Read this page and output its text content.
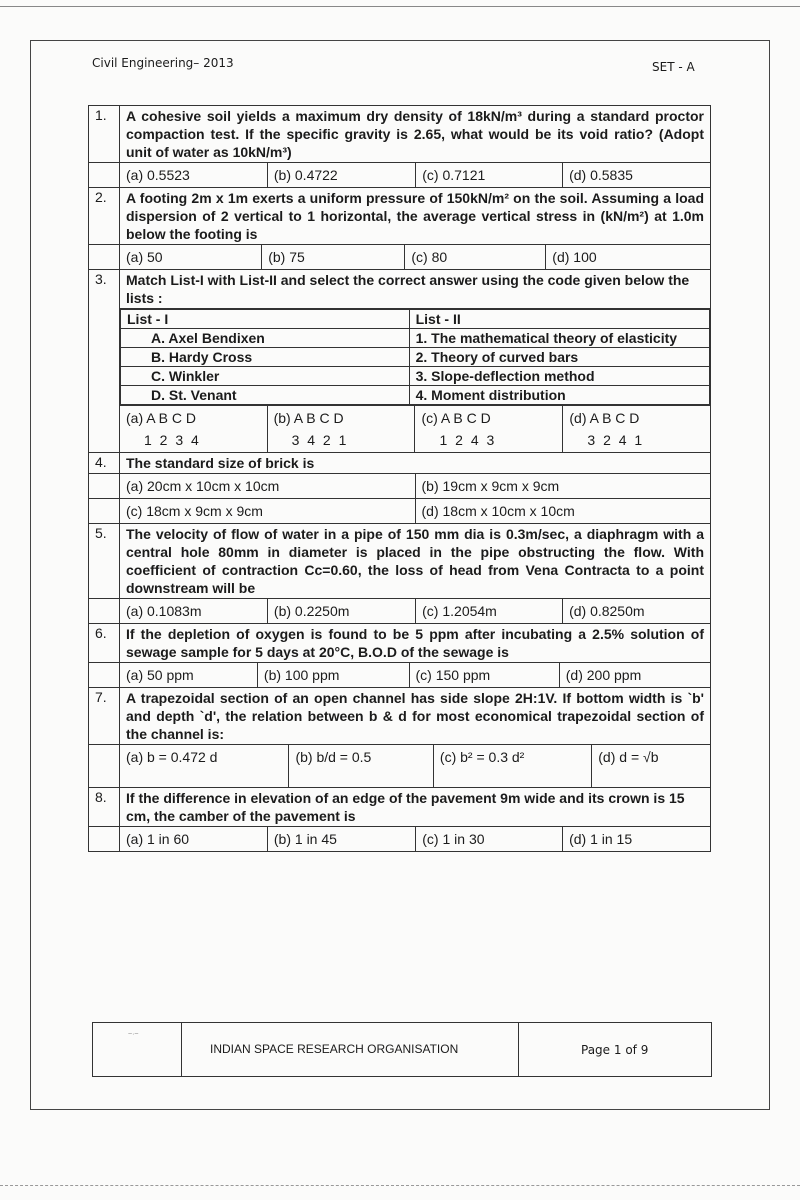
Civil Engineering– 2013	SET - A
1.	A cohesive soil yields a maximum dry density of 18kN/m³ during a standard proctor compaction test. If the specific gravity is 2.65, what would be its void ratio? (Adopt unit of water as 10kN/m³)

(a) 0.5523	(b) 0.4722	(c) 0.7121	(d) 0.5835

2.	A footing 2m x 1m exerts a uniform pressure of 150kN/m² on the soil. Assuming a load dispersion of 2 vertical to 1 horizontal, the average vertical stress in (kN/m²) at 1.0m below the footing is

(a) 50	(b) 75	(c) 80	(d) 100

3.	Match List-I with List-II and select the correct answer using the code given below the lists :

List - I	List - II
A. Axel Bendixen	1. The mathematical theory of elasticity
B. Hardy Cross	2. Theory of curved bars
C. Winkler	3. Slope-deflection method
D. St. Venant	4. Moment distribution

(a) A B C D
1 2 3 4

(b) A B C D
3 4 2 1

(c) A B C D
1 2 4 3

(d) A B C D
3 2 4 1

4.	The standard size of brick is

(a) 20cm x 10cm x 10cm	(b) 19cm x 9cm x 9cm

(c) 18cm x 9cm x 9cm	(d) 18cm x 10cm x 10cm

5.	The velocity of flow of water in a pipe of 150 mm dia is 0.3m/sec, a diaphragm with a central hole 80mm in diameter is placed in the pipe obstructing the flow. With coefficient of contraction Cc=0.60, the loss of head from Vena Contracta to a point downstream will be

(a) 0.1083m	(b) 0.2250m	(c) 1.2054m	(d) 0.8250m

6.	If the depletion of oxygen is found to be 5 ppm after incubating a 2.5% solution of sewage sample for 5 days at 20°C, B.O.D of the sewage is

(a) 50 ppm	(b) 100 ppm	(c) 150 ppm	(d) 200 ppm

7.	A trapezoidal section of an open channel has side slope 2H:1V. If bottom width is `b' and depth `d', the relation between b & d for most economical trapezoidal section of the channel is:

(a) b = 0.472 d	(b) b/d = 0.5	(c) b² = 0.3 d²	(d) d = √b

8.	If the difference in elevation of an edge of the pavement 9m wide and its crown is 15 cm, the camber of the pavement is

(a) 1 in 60	(b) 1 in 45	(c) 1 in 30	(d) 1 in 15
~·~
INDIAN SPACE RESEARCH ORGANISATION	Page 1 of 9
